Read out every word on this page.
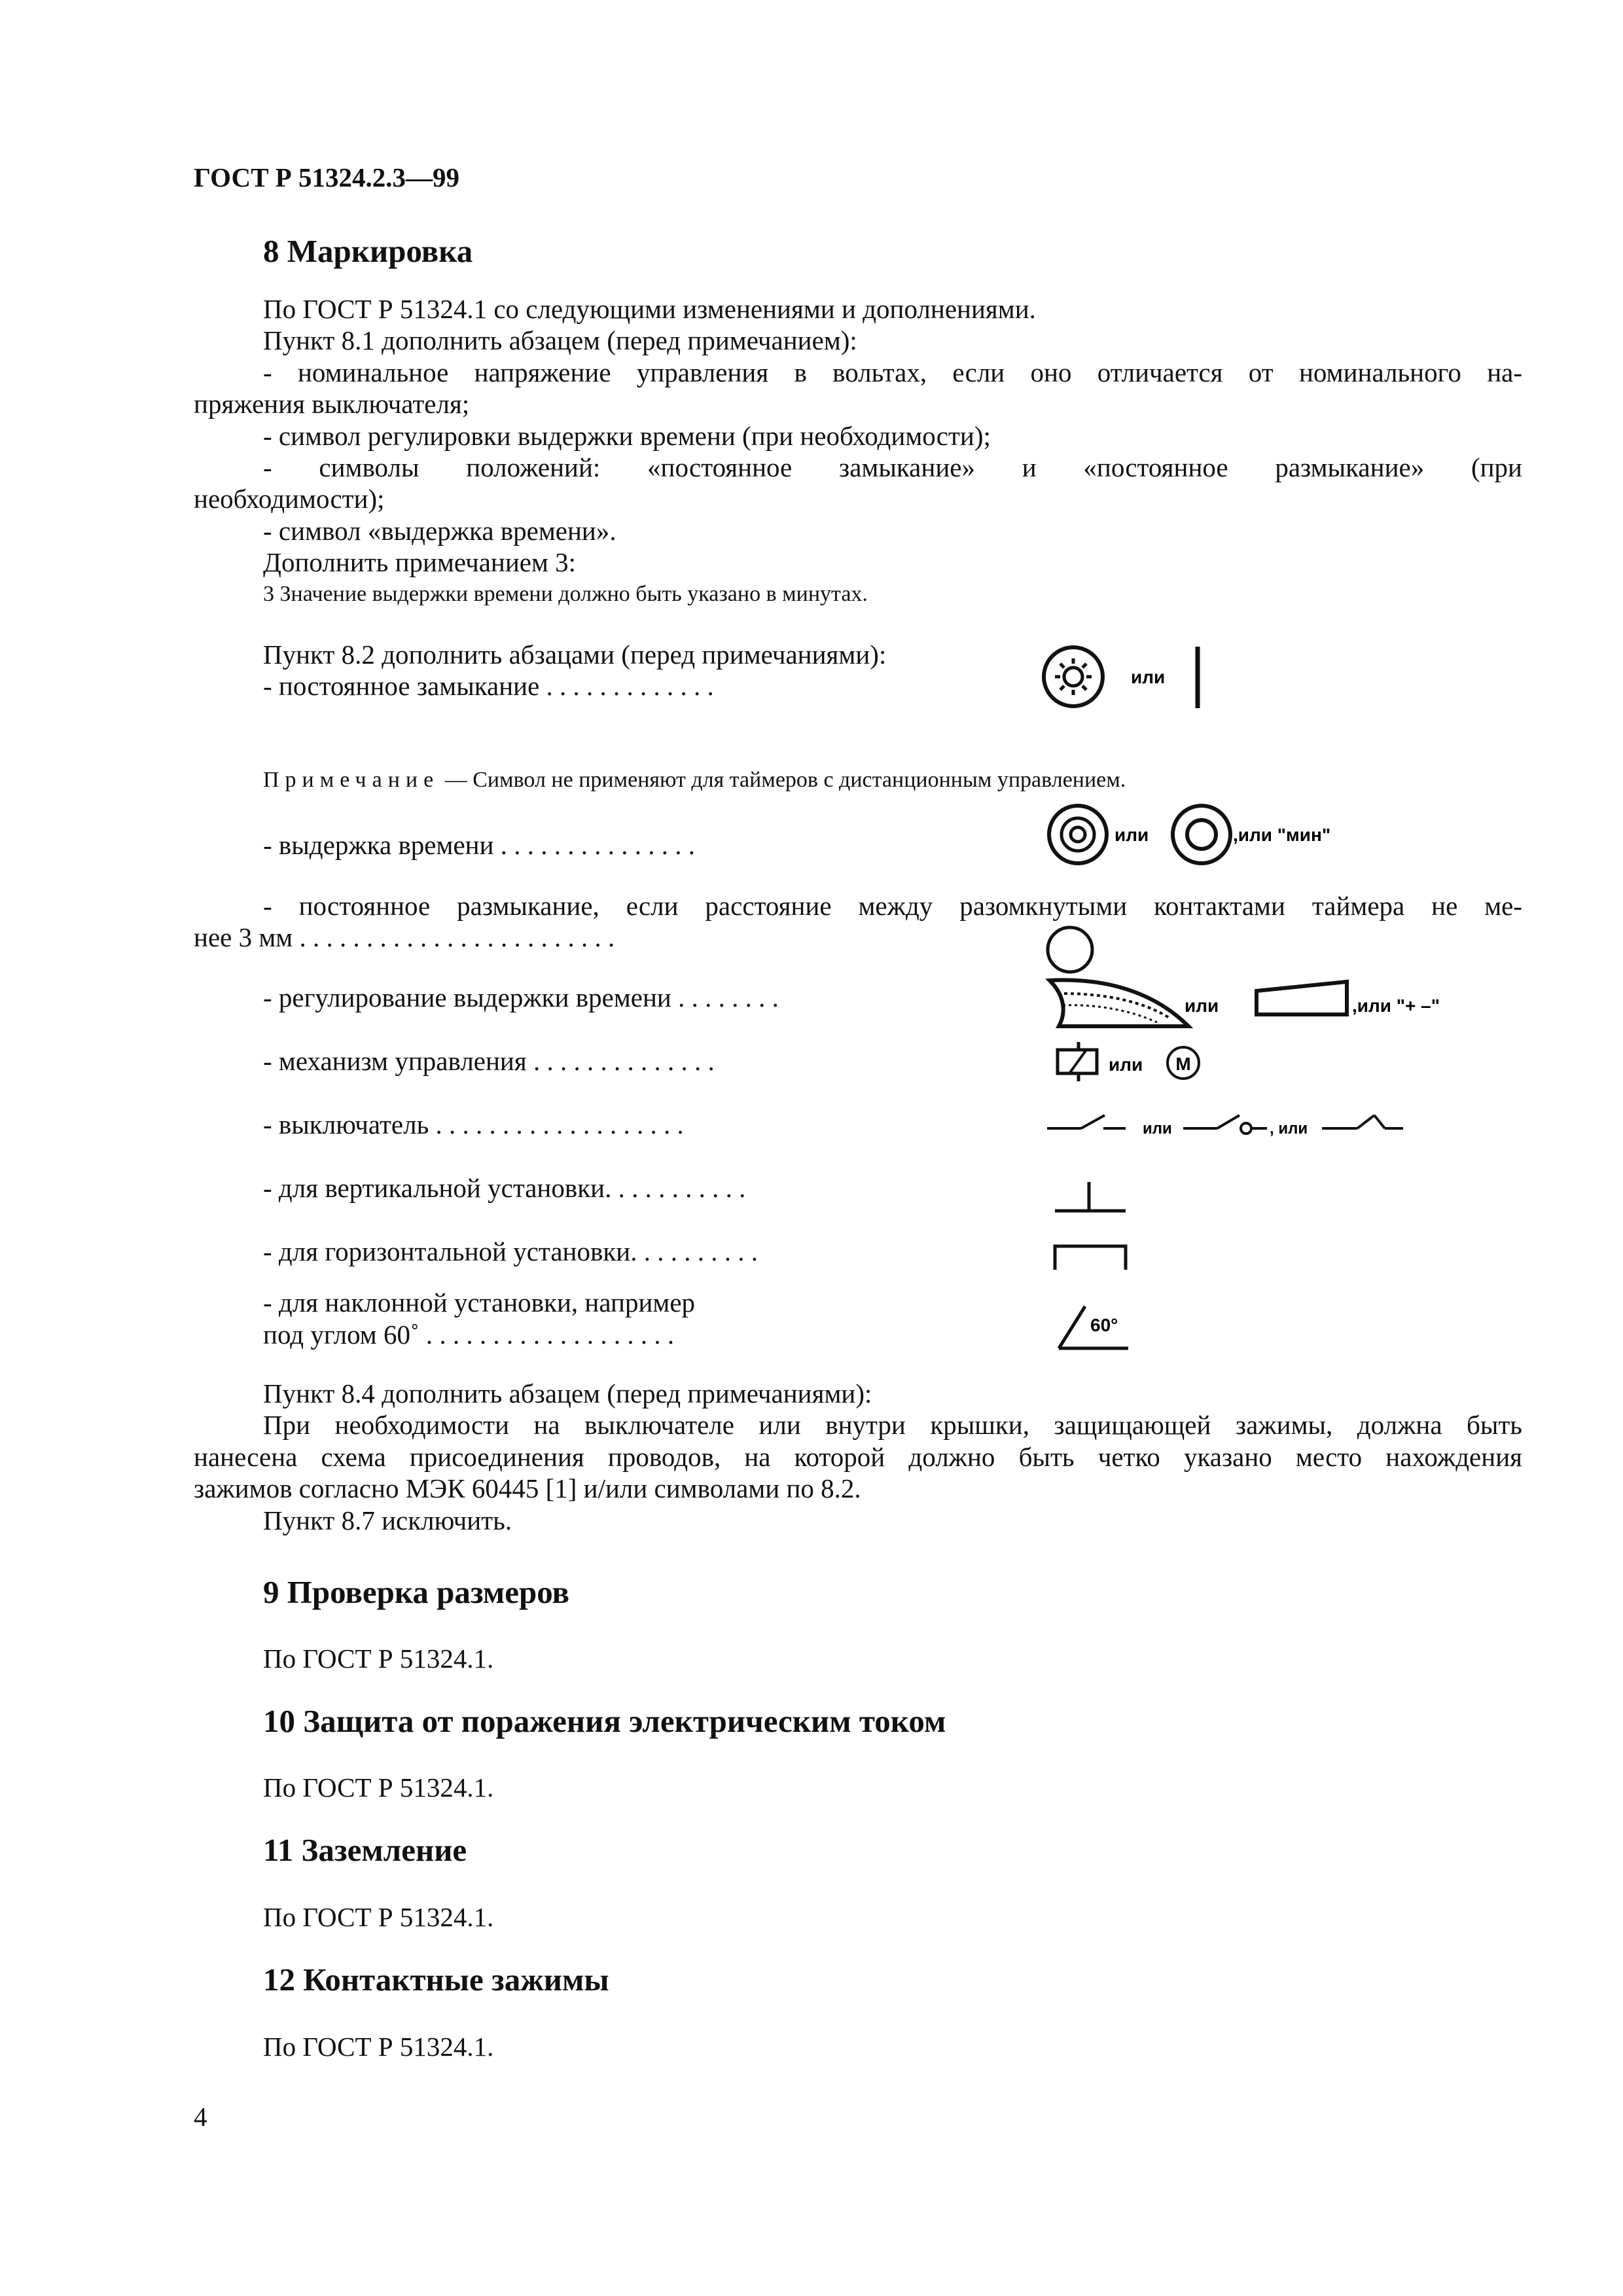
ГОСТ Р 51324.2.3—99
8 Маркировка
По ГОСТ Р 51324.1 со следующими изменениями и дополнениями.
Пункт 8.1 дополнить абзацем (перед примечанием):
- номинальное напряжение управления в вольтах, если оно отличается от номинального на-
пряжения выключателя;
- символ регулировки выдержки времени (при необходимости);
- символы положений: «постоянное замыкание» и «постоянное размыкание» (при
необходимости);
- символ «выдержка времени».
Дополнить примечанием 3:
3 Значение выдержки времени должно быть указано в минутах.
Пункт 8.2 дополнить абзацами (перед примечаниями):
- постоянное замыкание . . . . . . . . . . . . .	или
Примечание — Символ не применяют для таймеров с дистанционным управлением.
- выдержка времени . . . . . . . . . . . . . . .	или	,или "мин"
- постоянное размыкание, если расстояние между разомкнутыми контактами таймера не ме-
нее 3 мм . . . . . . . . . . . . . . . . . . . . . . . .
- регулирование выдержки времени . . . . . . . .	или	,или "+ –"
- механизм управления . . . . . . . . . . . . . .	или M
- выключатель . . . . . . . . . . . . . . . . . . .	или	, или
- для вертикальной установки. . . . . . . . . . .
- для горизонтальной установки. . . . . . . . . .
- для наклонной установки, например
под углом 60˚ . . . . . . . . . . . . . . . . . . .	60°
Пункт 8.4 дополнить абзацем (перед примечаниями):
При необходимости на выключателе или внутри крышки, защищающей зажимы, должна быть
нанесена схема присоединения проводов, на которой должно быть четко указано место нахождения
зажимов согласно МЭК 60445 [1] и/или символами по 8.2.
Пункт 8.7 исключить.
9 Проверка размеров
По ГОСТ Р 51324.1.
10 Защита от поражения электрическим током
По ГОСТ Р 51324.1.
11 Заземление
По ГОСТ Р 51324.1.
12 Контактные зажимы
По ГОСТ Р 51324.1.
4
